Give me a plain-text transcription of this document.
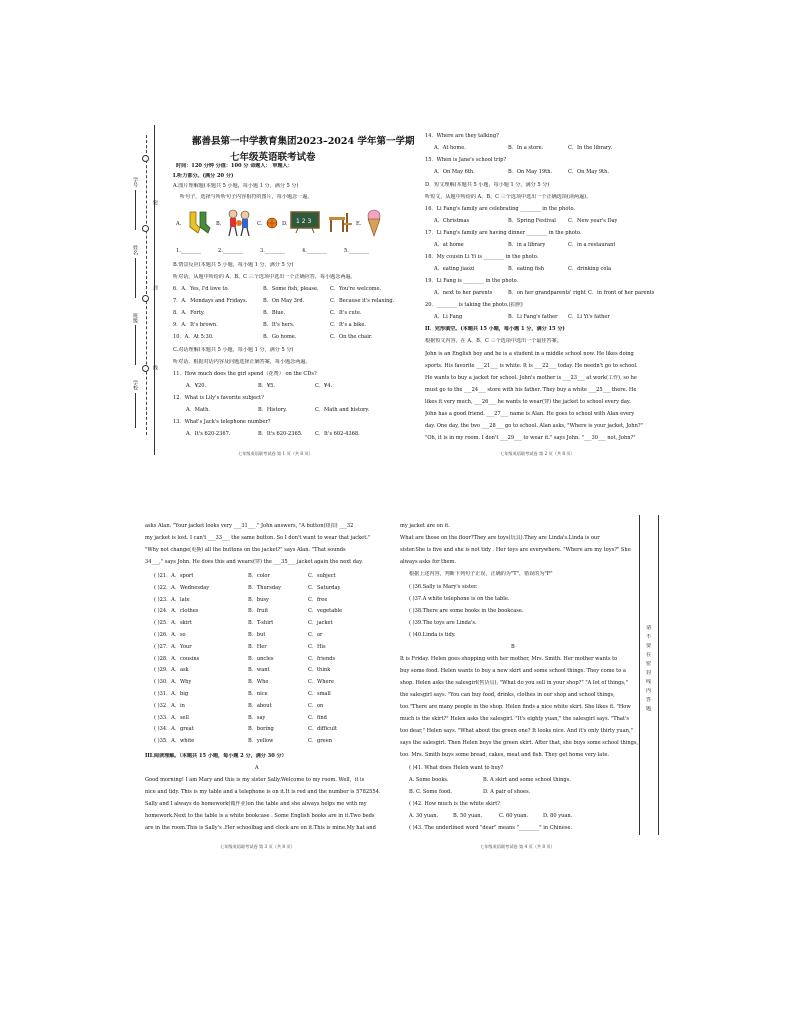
密
封
线
学号
姓名
班级
学校
鄯善县第一中学教育集团2023–2024 学年第一学期
七年级英语联考试卷
时间：120 分钟 分值：100 分 命题人： 审题人：
I.听力部分。(满分 20 分)
A.图片理解题(本题共 5 小题，每小题 1 分，满分 5 分)
听句子，选择与所听句子内容相符的图片，每小题念一遍。
A.	B.	C.	D. 1 2 3	E.
1.________	2.________	3.________	4.________	5.________
B.情景反应(本题共 5 小题，每小题 1 分，满分 5 分)
听对话，从题中所给的 A、B、C 三个选项中选出一个正确应答，每小题念两遍。
6．A．Yes, I'd love to.	B．Some fish, please. C．You're welcome.
7．A．Mondays and Fridays.	B．On May 3rd.	C．Because it's relaxing.
8．A．Forty.	B．Blue.	C．It's cute.
9．A．It's brown.	B．It's hers.	C．It's a bike.
10．A．At 5:30.	B．Go home.	C．On the chair.
C.对话理解(本题共 5 小题，每小题 1 分，满分 5 分)
听对话，根据对话内容及问题选择正确答案，每小题念两遍。
11．How much does the girl spend（花费） on the CDs?
A．¥20.	B．¥5.	C．¥4.
12．What is Lily's favorite subject?
A．Math.	B．History.	C．Math and history.
13．What's Jack's telephone number?
A．It's 620-2367.	B．It's 620-2365. C．It's 602-4368.
七年级英语联考试卷 第 1 页（共 8 页）
14．Where are they talking?
A．At home.	B．In a store.	C．In the library.
15．When is Jane's school trip?
A．On May 6th.	B．On May 19th.	C．On May 9th.
D．短文理解(本题共 5 小题，每小题 1 分，满分 5 分)
听短文，从题中所给的 A、B、C 三个选项中选出一个正确选项(读两遍)。
16．Li Fang's family are celebrating ________ in the photo.
A．Christmas	B．Spring Festival C．New year's Day
17．Li Fang's family are having dinner ________ in the photo.
A．at home	B．in a library	C．in a restaurant
18．My cousin Li Yi is ________ in the photo.
A．eating jiaozi	B．eating fish	C．drinking cola
19．Li Fang is ________ in the photo.
A．next to her parents	B．on her grandparents' right C．in front of her parents
20．________ is taking the photo.(拍照)
A．Li Fang	B．Li Fang's father C．Li Yi's father
II．完形填空。(本题共 15 小题，每小题 1 分，满分 15 分)
根据短文内容，在 A、B、C 三个选项中选出一个最佳答案。
John is an English boy and he is a student in a middle school now. He likes doing
sports. His favorite ___21___ is white. It is ___22___ today. He needn't go to school.
He wants to buy a jacket for school. John's mother is ___23___ at work(工作), so he
must go to the ___24___ store with his father. They buy a white ___25___ there. He
likes it very much, ___26___ he wants to wear(穿) the jacket to school every day.
John has a good friend. ___27___ name is Alan. He goes to school with Alan every
day. One day, the two ___28___ go to school. Alan asks, "Where is your jacket, John?"
"Oh, it is in my room. I don't ___29___ to wear it." says John. "___30___ not, John?"
七年级英语联考试卷 第 2 页（共 8 页）
asks Alan. "Your jacket looks very ___31___." John answers, "A button(纽扣) ___32
my jacket is lost. I can't ___33___ the same button. So I don't want to wear that jacket."
"Why not change(更换) all the buttons on the jacket?" says Alan. "That sounds
34___," says John. He does this and wears(穿) the ___35___ jacket again the next day.
( )21．A．sport	B．color	C．subject
( )22．A．Wednesday	B．Thursday	C．Saturday
( )23．A．late	B．busy	C．free
( )24．A．clothes	B．fruit	C．vegetable
( )25．A．skirt	B．T-shirt	C．jacket
( )26．A．so	B．but	C．or
( )27．A．Your	B．Her	C．His
( )28．A．cousins	B．uncles	C．friends
( )29．A．ask	B．want	C．think
( )30．A．Why	B．Who	C．Where
( )31．A．big	B．nice	C．small
( )32．A．in	B．about	C．on
( )33．A．sell	B．say	C．find
( )34．A．great	B．boring	C．difficult
( )35．A．white	B．yellow	C．green
III.阅读理解。（本题共 15 小题，每小题 2 分，满分 30 分）
A
Good morning! I am Mary and this is my sister Sally.Welcome to my room. Well，it is
nice and tidy. This is my table and a telephone is on it.It is red and the number is 5782554.
Sally and I always do homework(做作业)on the table and she always helps me with my
homework.Next to the table is a white bookcase . Some English books are in it.Two beds
are in the room.This is Sally's .Her schoolbag and clock are on it.This is mine.My hat and
七年级英语联考试卷 第 3 页（共 8 页）
my jacket are on it.
What are those on the floor?They are toys(玩具).They are Linda's.Linda is our
sister.She is five and she is not tidy . Her toys are everywhere. "Where are my toys?" She
always asks for them.
根据上述内容，判断下列句子正误，正确的为"T"，错误的为"F"
( )36.Sally is Mary's sister.
( )37.A white telephone is on the table.
( )38.There are some books in the bookcase.
( )39.The toys are Linda's.
( )40.Linda is tidy.
B
It is Friday. Helen goes shopping with her mother, Mrs. Smith. Her mother wants to
buy some food. Helen wants to buy a new skirt and some school things. They come to a
shop. Helen asks the salesgirl(售货员), "What do you sell in your shop?" "A lot of things,"
the salesgirl says. "You can buy food, drinks, clothes in our shop and school things,
too."There are many people in the shop. Helen finds a nice white skirt. She likes it. "How
much is the skirt?" Helen asks the salesgirl. "It's eighty yuan," the salesgirl says. "That's
too dear," Helen says. "What about the green one? It looks nice. And it's only thirty yuan,"
says the salesgirl. Then Helen buys the green skirt. After that, she buys some school things,
too. Mrs. Smith buys some bread, cakes, meat and fish. They get home very late.
( )41. What does Helen want to buy?
A. Some books.	B. A skirt and some school things.
B. C. Some food.	D. A pair of shoes.
( )42. How much is the white skirt?
A. 30 yuan.	B. 50 yuan.	C. 60 yuan.	D. 80 yuan.
( )43. The underlined word "dear" means "________" in Chinese.
请
不
要
在
密
封
线
内
答
题
七年级英语联考试卷 第 4 页（共 8 页）
